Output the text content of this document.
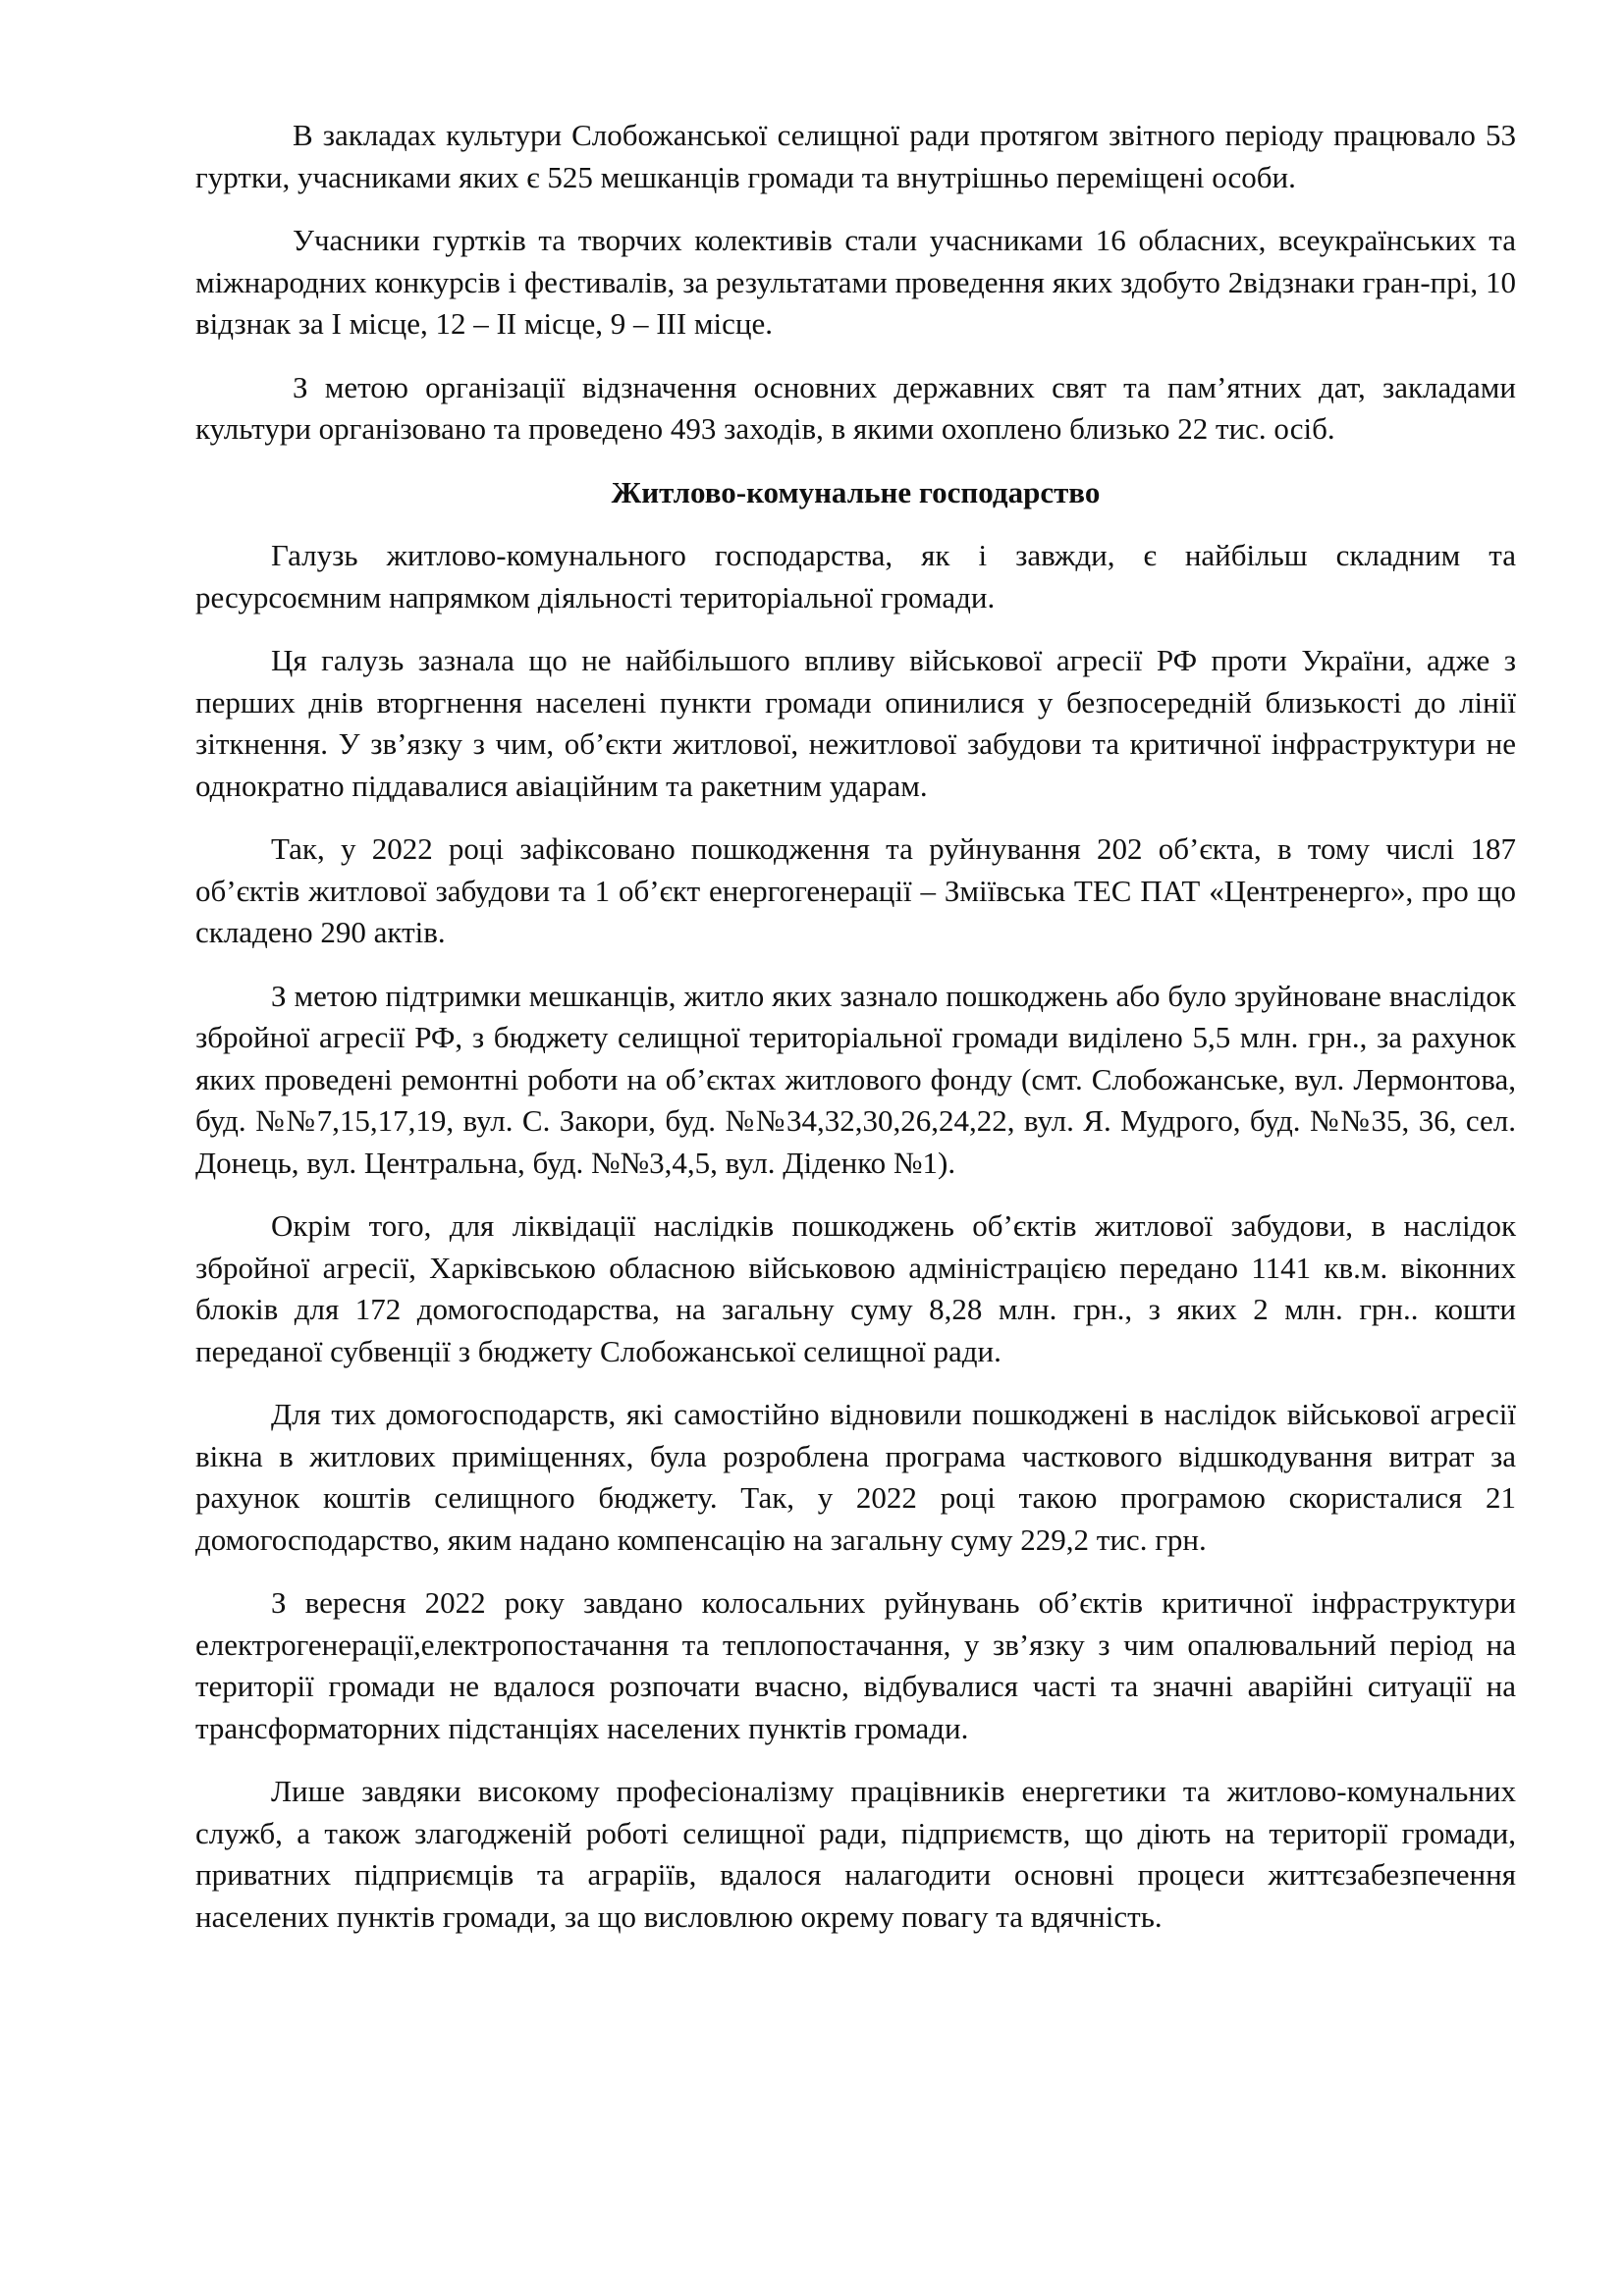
В закладах культури Слобожанської селищної ради протягом звітного періоду працювало 53 гуртки, учасниками яких є 525 мешканців громади та внутрішньо переміщені особи.

Учасники гуртків та творчих колективів стали учасниками 16 обласних, всеукраїнських та міжнародних конкурсів і фестивалів, за результатами проведення яких здобуто 2відзнаки гран-прі, 10 відзнак за І місце, 12 – ІІ місце, 9 – ІІІ місце.

З метою організації відзначення основних державних свят та пам’ятних дат, закладами культури організовано та проведено 493 заходів, в якими охоплено близько 22 тис. осіб.

Житлово-комунальне господарство

Галузь житлово-комунального господарства, як і завжди, є найбільш складним та ресурсоємним напрямком діяльності територіальної громади.

Ця галузь зазнала що не найбільшого впливу військової агресії РФ проти України, адже з перших днів вторгнення населені пункти громади опинилися у безпосередній близькості до лінії зіткнення. У зв’язку з чим, об’єкти житлової, нежитлової забудови та критичної інфраструктури не однократно піддавалися авіаційним та ракетним ударам.

Так, у 2022 році зафіксовано пошкодження та руйнування 202 об’єкта, в тому числі 187 об’єктів житлової забудови та 1 об’єкт енергогенерації – Зміївська ТЕС ПАТ «Центренерго», про що складено 290 актів.

З метою підтримки мешканців, житло яких зазнало пошкоджень або було зруйноване внаслідок збройної агресії РФ, з бюджету селищної територіальної громади виділено 5,5 млн. грн., за рахунок яких проведені ремонтні роботи на об’єктах житлового фонду (смт. Слобожанське, вул. Лермонтова, буд. №№7,15,17,19, вул. С. Закори, буд. №№34,32,30,26,24,22, вул. Я. Мудрого, буд. №№35, 36, сел. Донець, вул. Центральна, буд. №№3,4,5, вул. Діденко №1).

Окрім того, для ліквідації наслідків пошкоджень об’єктів житлової забудови, в наслідок збройної агресії, Харківською обласною військовою адміністрацією передано 1141 кв.м. віконних блоків для 172 домогосподарства, на загальну суму 8,28 млн. грн., з яких 2 млн. грн.. кошти переданої субвенції з бюджету Слобожанської селищної ради.

Для тих домогосподарств, які самостійно відновили пошкоджені в наслідок військової агресії вікна в житлових приміщеннях, була розроблена програма часткового відшкодування витрат за рахунок коштів селищного бюджету. Так, у 2022 році такою програмою скористалися 21 домогосподарство, яким надано компенсацію на загальну суму 229,2 тис. грн.

З вересня 2022 року завдано колосальних руйнувань об’єктів критичної інфраструктури електрогенерації,електропостачання та теплопостачання, у зв’язку з чим опалювальний період на території громади не вдалося розпочати вчасно, відбувалися часті та значні аварійні ситуації на трансформаторних підстанціях населених пунктів громади.

Лише завдяки високому професіоналізму працівників енергетики та житлово-комунальних служб, а також злагодженій роботі селищної ради, підприємств, що діють на території громади, приватних підприємців та аграріїв, вдалося налагодити основні процеси життєзабезпечення населених пунктів громади, за що висловлюю окрему повагу та вдячність.
